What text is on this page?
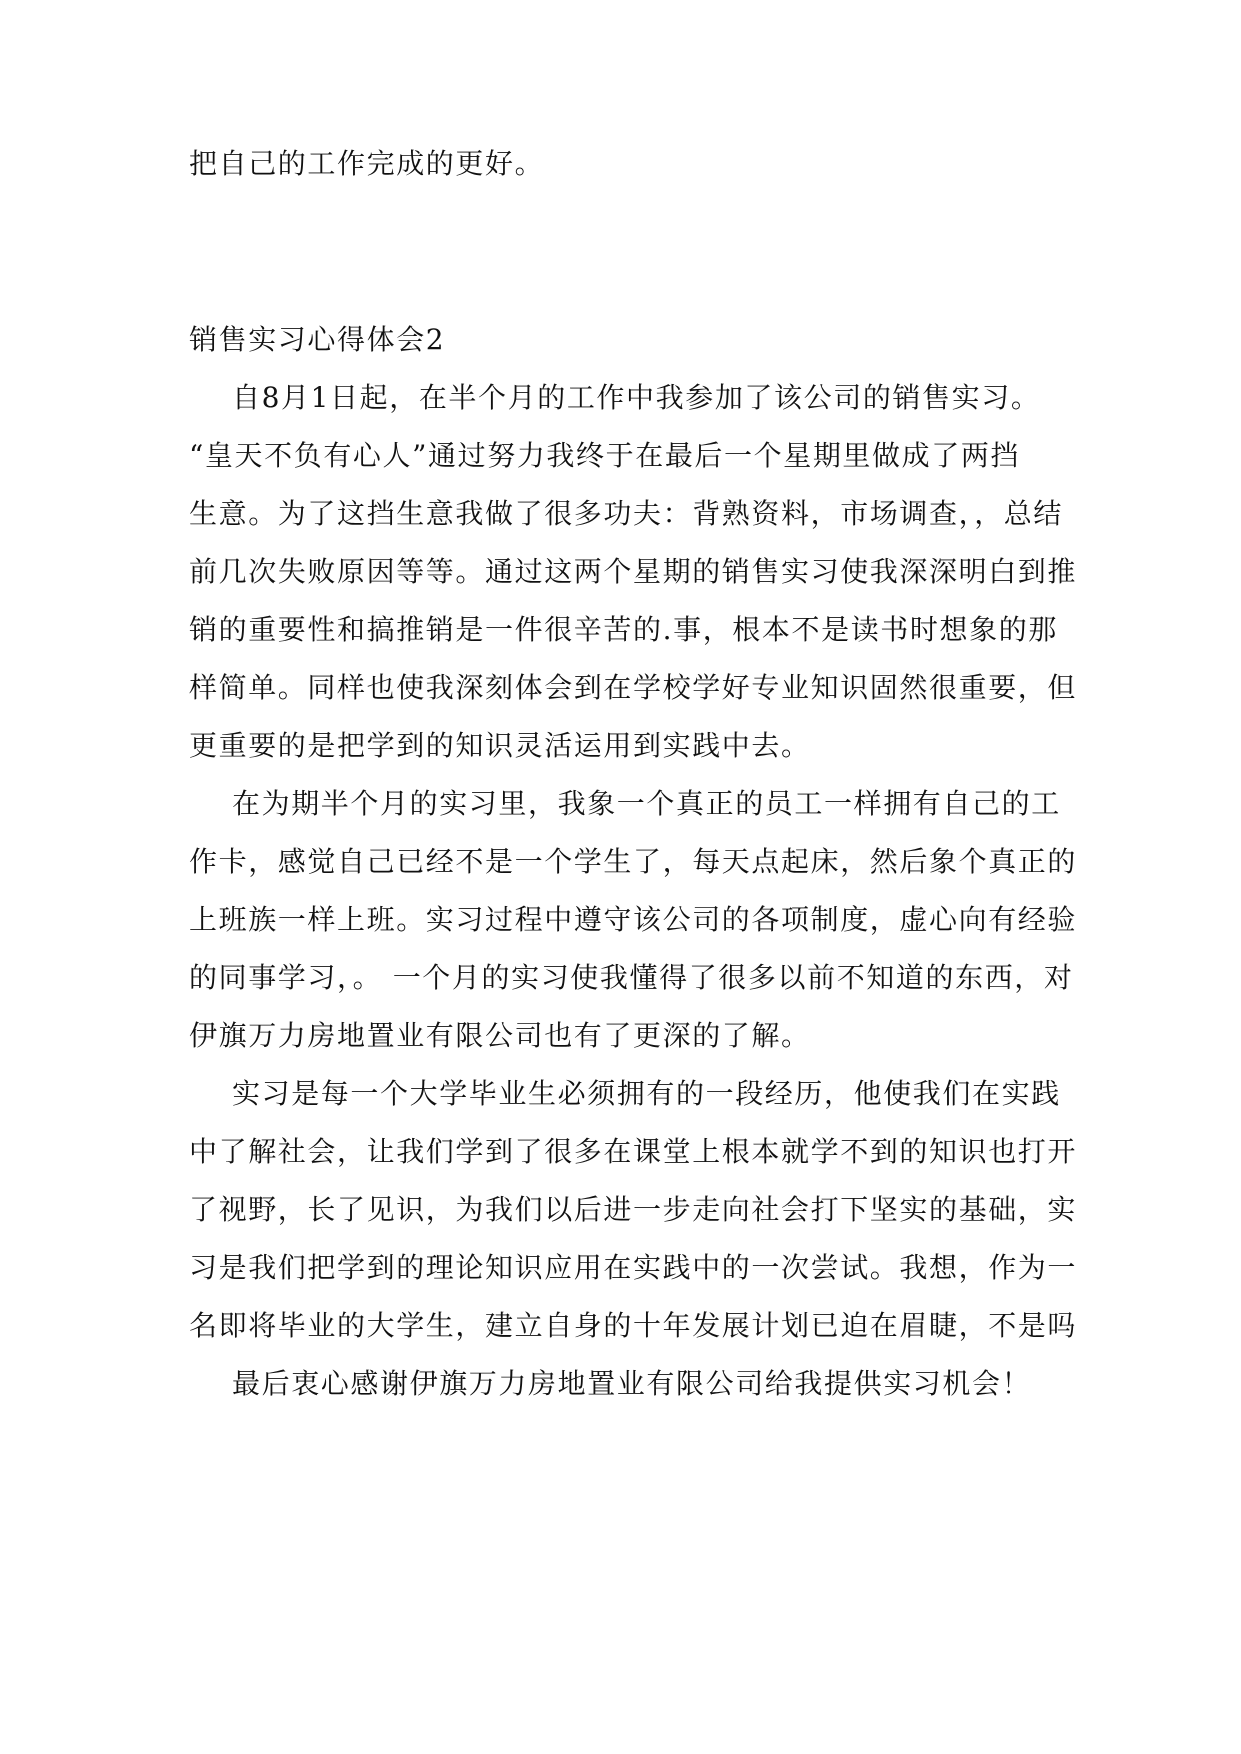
把自己的工作完成的更好。
销售实习心得体会2
自8月1日起，在半个月的工作中我参加了该公司的销售实习。
“皇天不负有心人”通过努力我终于在最后一个星期里做成了两挡
生意。为了这挡生意我做了很多功夫：背熟资料，市场调查，，总结
前几次失败原因等等。通过这两个星期的销售实习使我深深明白到推
销的重要性和搞推销是一件很辛苦的.事，根本不是读书时想象的那
样简单。同样也使我深刻体会到在学校学好专业知识固然很重要，但
更重要的是把学到的知识灵活运用到实践中去。
在为期半个月的实习里，我象一个真正的员工一样拥有自己的工
作卡，感觉自己已经不是一个学生了，每天点起床，然后象个真正的
上班族一样上班。实习过程中遵守该公司的各项制度，虚心向有经验
的同事学习，。 一个月的实习使我懂得了很多以前不知道的东西，对
伊旗万力房地置业有限公司也有了更深的了解。
实习是每一个大学毕业生必须拥有的一段经历，他使我们在实践
中了解社会，让我们学到了很多在课堂上根本就学不到的知识也打开
了视野，长了见识，为我们以后进一步走向社会打下坚实的基础，实
习是我们把学到的理论知识应用在实践中的一次尝试。我想，作为一
名即将毕业的大学生，建立自身的十年发展计划已迫在眉睫，不是吗
最后衷心感谢伊旗万力房地置业有限公司给我提供实习机会！
